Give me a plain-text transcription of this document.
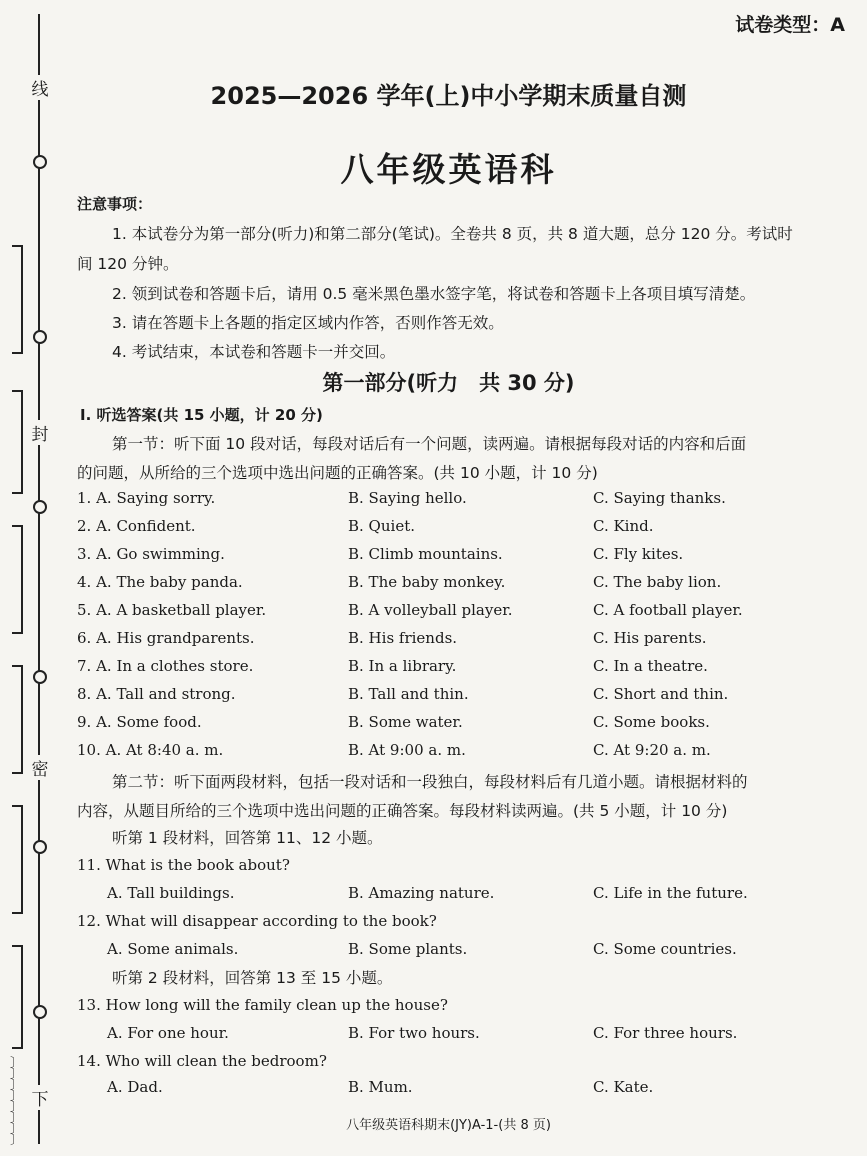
线
封
密
下
〕
〕
〕
〕
〕
〕
〕
〕
试卷类型：A
2025—2026 学年(上)中小学期末质量自测
八年级英语科
注意事项：
1. 本试卷分为第一部分(听力)和第二部分(笔试)。全卷共 8 页，共 8 道大题，总分 120 分。考试时
间 120 分钟。
2. 领到试卷和答题卡后，请用 0.5 毫米黑色墨水签字笔，将试卷和答题卡上各项目填写清楚。
3. 请在答题卡上各题的指定区域内作答，否则作答无效。
4. 考试结束，本试卷和答题卡一并交回。
第一部分(听力　共 30 分)
Ⅰ. 听选答案(共 15 小题，计 20 分)
第一节：听下面 10 段对话，每段对话后有一个问题，读两遍。请根据每段对话的内容和后面
的问题，从所给的三个选项中选出问题的正确答案。(共 10 小题，计 10 分)
1. A. Saying sorry.	B. Saying hello.	C. Saying thanks.
2. A. Confident.	B. Quiet.	C. Kind.
3. A. Go swimming.	B. Climb mountains.	C. Fly kites.
4. A. The baby panda.	B. The baby monkey.	C. The baby lion.
5. A. A basketball player.	B. A volleyball player.	C. A football player.
6. A. His grandparents.	B. His friends.	C. His parents.
7. A. In a clothes store.	B. In a library.	C. In a theatre.
8. A. Tall and strong.	B. Tall and thin.	C. Short and thin.
9. A. Some food.	B. Some water.	C. Some books.
10. A. At 8:40 a. m.	B. At 9:00 a. m.	C. At 9:20 a. m.
第二节：听下面两段材料，包括一段对话和一段独白，每段材料后有几道小题。请根据材料的
内容，从题目所给的三个选项中选出问题的正确答案。每段材料读两遍。(共 5 小题，计 10 分)
听第 1 段材料，回答第 11、12 小题。
11. What is the book about?
A. Tall buildings.	B. Amazing nature.	C. Life in the future.
12. What will disappear according to the book?
A. Some animals.	B. Some plants.	C. Some countries.
听第 2 段材料，回答第 13 至 15 小题。
13. How long will the family clean up the house?
A. For one hour.	B. For two hours.	C. For three hours.
14. Who will clean the bedroom?
A. Dad.	B. Mum.	C. Kate.
八年级英语科期末(JY)A-1-(共 8 页)
